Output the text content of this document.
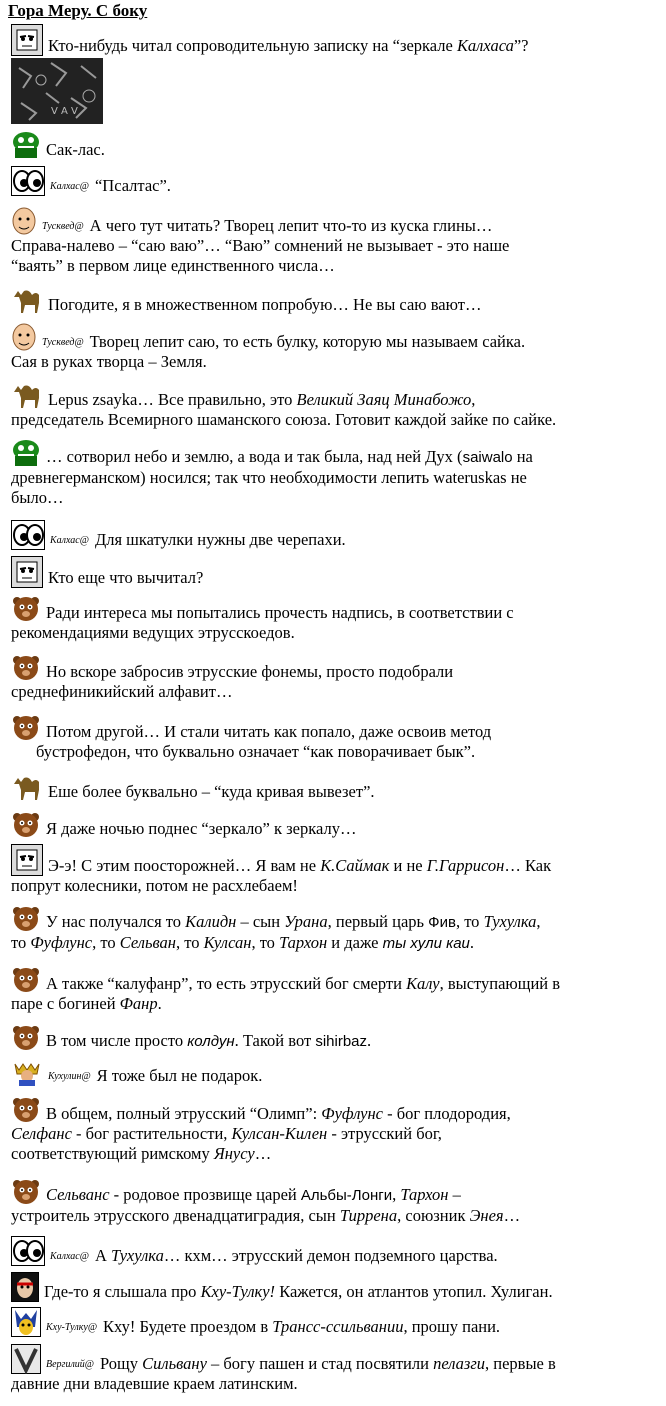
Гора Меру. С боку
Кто-нибудь читал сопроводительную записку на “зеркале Калхаса”?
V A V
Сак-лас.
Калхас@ “Псалтас”.
Тусквед@ А чего тут читать? Творец лепит что-то из куска глины…
Справа-налево – “саю ваю”… “Ваю” сомнений не вызывает - это наше
“ваять” в первом лице единственного числа…
Погодите, я в множественном попробую… Не вы саю вают…
Тусквед@ Творец лепит саю, то есть булку, которую мы называем сайка.
Сая в руках творца – Земля.
Lepus zsayka… Все правильно, это Великий Заяц Минабожо,
председатель Всемирного шаманского союза. Готовит каждой зайке по сайке.
… сотворил небо и землю, а вода и так была, над ней Дух (saiwalo на
древнегерманском) носился; так что необходимости лепить wateruskas не
было…
Калхас@ Для шкатулки нужны две черепахи.
Кто еще что вычитал?
Ради интереса мы попытались прочесть надпись, в соответствии с
рекомендациями ведущих этрусскоедов.
Но вскоре забросив этрусские фонемы, просто подобрали
среднефиникийский алфавит…
Потом другой… И стали читать как попало, даже освоив метод
бустрофедон, что буквально означает “как поворачивает бык”.
Еше более буквально – “куда кривая вывезет”.
Я даже ночью поднес “зеркало” к зеркалу…
Э-э! С этим поосторожней… Я вам не К.Саймак и не Г.Гаррисон… Как
попрут колесники, потом не расхлебаем!
У нас получался то Калидн – сын Урана, первый царь Фив, то Тухулка,
то Фуфлунс, то Сельван, то Кулсан, то Тархон и даже ты хули каи.
А также “калуфанр”, то есть этрусский бог смерти Калу, выступающий в
паре с богиней Фанр.
В том числе просто колдун. Такой вот sihirbaz.
Кухулин@ Я тоже был не подарок.
В общем, полный этрусский “Олимп”: Фуфлунс - бог плодородия,
Селфанс - бог растительности, Кулсан-Килен - этрусский бог,
соответствующий римскому Янусу…
Сельванс - родовое прозвище царей Альбы-Лонги, Тархон –
устроитель этрусского двенадцатиградия, сын Тиррена, союзник Энея…
Калхас@ А Тухулка… кхм… этрусский демон подземного царства.
Где-то я слышала про Кху-Тулку! Кажется, он атлантов утопил. Хулиган.
Кху-Тулку@ Кху! Будете проездом в Трансс-ссильвании, прошу пани.
Вергилий@ Рощу Сильвану – богу пашен и стад посвятили пелазги, первые в
давние дни владевшие краем латинским.
